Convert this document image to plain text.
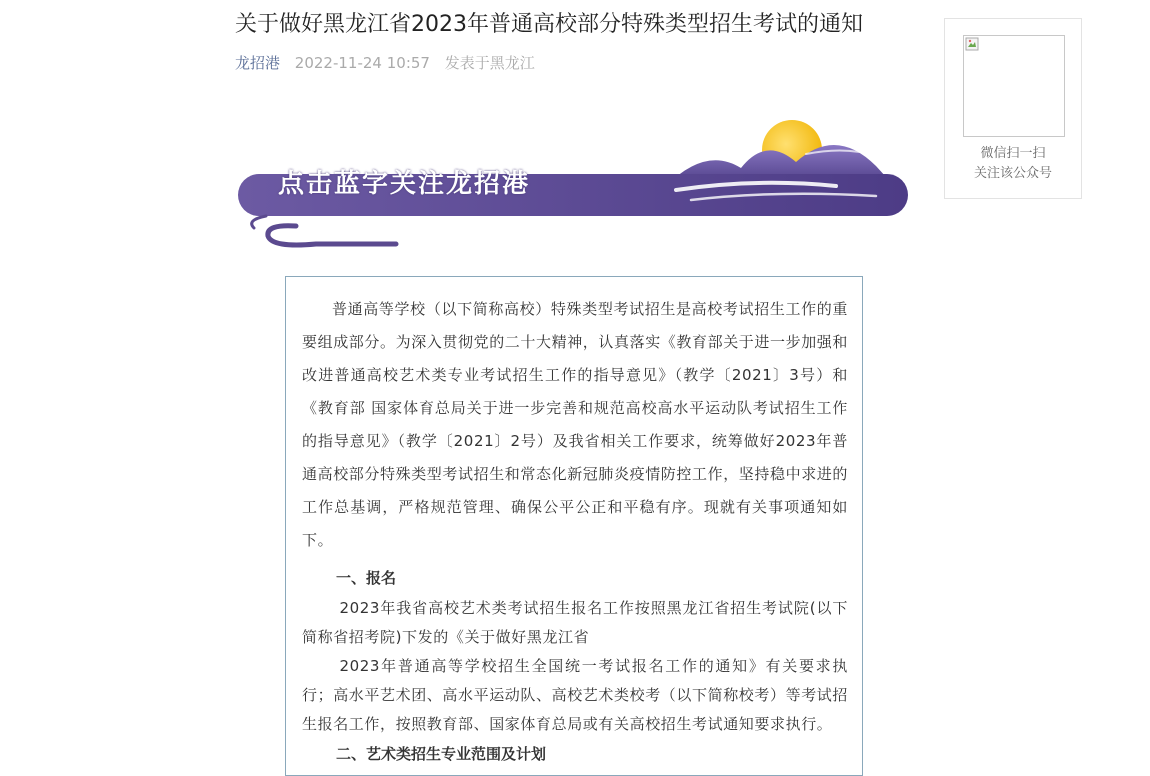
关于做好黑龙江省2023年普通高校部分特殊类型招生考试的通知
龙招港 2022-11-24 10:57 发表于黑龙江
微信扫一扫
关注该公众号
点击蓝字关注龙招港

普通高等学校（以下简称高校）特殊类型考试招生是高校考试招生工作的重要组成部分。为深入贯彻党的二十大精神，认真落实《教育部关于进一步加强和改进普通高校艺术类专业考试招生工作的指导意见》（教学〔2021〕3号）和《教育部 国家体育总局关于进一步完善和规范高校高水平运动队考试招生工作的指导意见》（教学〔2021〕2号）及我省相关工作要求，统筹做好2023年普通高校部分特殊类型考试招生和常态化新冠肺炎疫情防控工作，坚持稳中求进的工作总基调，严格规范管理、确保公平公正和平稳有序。现就有关事项通知如下。

一、报名

2023年我省高校艺术类考试招生报名工作按照黑龙江省招生考试院(以下简称省招考院)下发的《关于做好黑龙江省

2023年普通高等学校招生全国统一考试报名工作的通知》有关要求执行；高水平艺术团、高水平运动队、高校艺术类校考（以下简称校考）等考试招生报名工作，按照教育部、国家体育总局或有关高校招生考试通知要求执行。

二、艺术类招生专业范围及计划
